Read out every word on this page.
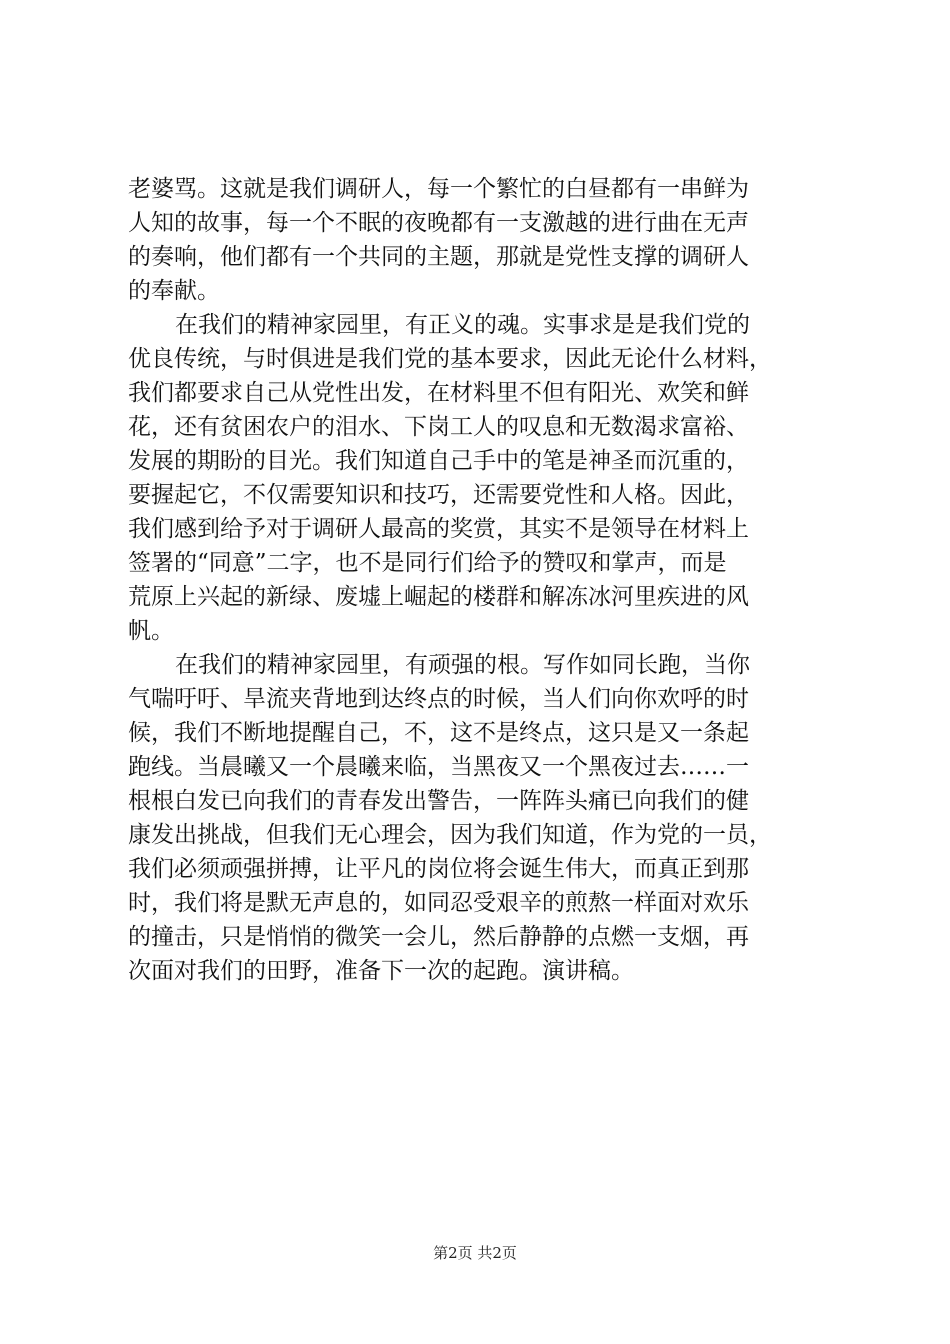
老婆骂。这就是我们调研人，每一个繁忙的白昼都有一串鲜为
人知的故事，每一个不眠的夜晚都有一支激越的进行曲在无声
的奏响，他们都有一个共同的主题，那就是党性支撑的调研人
的奉献。
在我们的精神家园里，有正义的魂。实事求是是我们党的
优良传统，与时俱进是我们党的基本要求，因此无论什么材料，
我们都要求自己从党性出发，在材料里不但有阳光、欢笑和鲜
花，还有贫困农户的泪水、下岗工人的叹息和无数渴求富裕、
发展的期盼的目光。我们知道自己手中的笔是神圣而沉重的，
要握起它，不仅需要知识和技巧，还需要党性和人格。因此，
我们感到给予对于调研人最高的奖赏，其实不是领导在材料上
签署的“同意”二字，也不是同行们给予的赞叹和掌声，而是
荒原上兴起的新绿、废墟上崛起的楼群和解冻冰河里疾进的风
帆。
在我们的精神家园里，有顽强的根。写作如同长跑，当你
气喘吁吁、旱流夹背地到达终点的时候，当人们向你欢呼的时
候，我们不断地提醒自己，不，这不是终点，这只是又一条起
跑线。当晨曦又一个晨曦来临，当黑夜又一个黑夜过去……一
根根白发已向我们的青春发出警告，一阵阵头痛已向我们的健
康发出挑战，但我们无心理会，因为我们知道，作为党的一员，
我们必须顽强拼搏，让平凡的岗位将会诞生伟大，而真正到那
时，我们将是默无声息的，如同忍受艰辛的煎熬一样面对欢乐
的撞击，只是悄悄的微笑一会儿，然后静静的点燃一支烟，再
次面对我们的田野，准备下一次的起跑。演讲稿。
第2页 共2页
